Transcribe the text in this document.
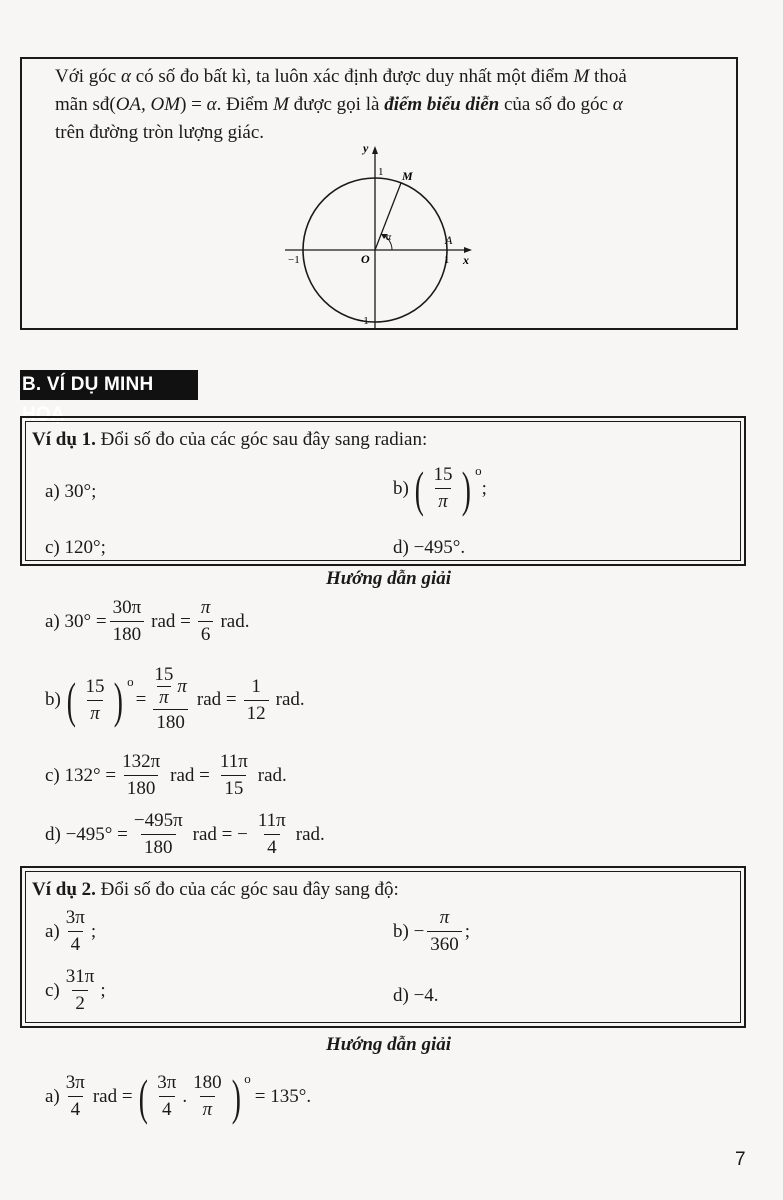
Với góc α có số đo bất kì, ta luôn xác định được duy nhất một điểm M thoả
mãn sđ(OA, OM) = α. Điểm M được gọi là điểm biểu diễn của số đo góc α
trên đường tròn lượng giác.
y
x
O
M
A
α
1
−1	1
−1
B. VÍ DỤ MINH HOẠ
Ví dụ 1. Đổi số đo của các góc sau đây sang radian:
a) 30°;	b) ( $\frac{15}{\pi}$ ) o
;
c) 120°;	d) −495°.
Hướng dẫn giải
a) $30^\circ = \frac{30\pi}{180}$ rad = $\frac{\pi}{6}$ rad.
b) ( $\frac{15}{\pi}$ ) o
= 15
π
π
180 rad = $\frac{1}{12}$ rad.
c) $132^\circ = \frac{132\pi}{180}$ rad = $\frac{11\pi}{15}$ rad.
$d) -495^\circ = \frac{-495\pi}{180}$ rad = − $\frac{11\pi}{4}$ rad.
Ví dụ 2. Đổi số đo của các góc sau đây sang độ:
$a) \frac{3\pi}{4}$ ;	$b) - \frac{\pi}{360}$ ;
$c) \frac{31\pi}{2}$ ;	d) −4.
Hướng dẫn giải
$a) \frac{3\pi}{4}$ rad = ( $\frac{3\pi}{4}$ . $\frac{180}{\pi}$ ) o
= 135°.
7
